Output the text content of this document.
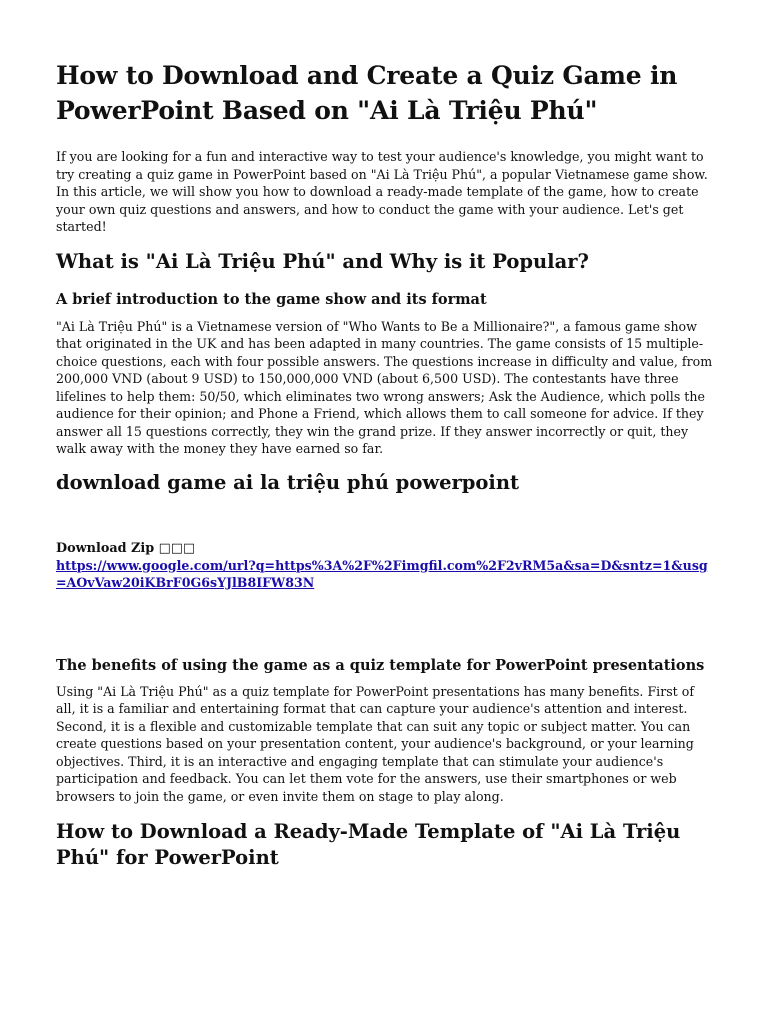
How to Download and Create a Quiz Game in PowerPoint Based on "Ai Là Triệu Phú"

If you are looking for a fun and interactive way to test your audience's knowledge, you might want to try creating a quiz game in PowerPoint based on "Ai Là Triệu Phú", a popular Vietnamese game show. In this article, we will show you how to download a ready-made template of the game, how to create your own quiz questions and answers, and how to conduct the game with your audience. Let's get started!

What is "Ai Là Triệu Phú" and Why is it Popular?
A brief introduction to the game show and its format

"Ai Là Triệu Phú" is a Vietnamese version of "Who Wants to Be a Millionaire?", a famous game show that originated in the UK and has been adapted in many countries. The game consists of 15 multiple-choice questions, each with four possible answers. The questions increase in difficulty and value, from 200,000 VND (about 9 USD) to 150,000,000 VND (about 6,500 USD). The contestants have three lifelines to help them: 50/50, which eliminates two wrong answers; Ask the Audience, which polls the audience for their opinion; and Phone a Friend, which allows them to call someone for advice. If they answer all 15 questions correctly, they win the grand prize. If they answer incorrectly or quit, they walk away with the money they have earned so far.

download game ai la triệu phú powerpoint
Download Zip □□□
https://www.google.com/url?q=https%3A%2F%2Fimgfil.com%2F2vRM5a&sa=D&sntz=1&usg=AOvVaw20iKBrF0G6sYJlB8IFW83N
The benefits of using the game as a quiz template for PowerPoint presentations

Using "Ai Là Triệu Phú" as a quiz template for PowerPoint presentations has many benefits. First of all, it is a familiar and entertaining format that can capture your audience's attention and interest. Second, it is a flexible and customizable template that can suit any topic or subject matter. You can create questions based on your presentation content, your audience's background, or your learning objectives. Third, it is an interactive and engaging template that can stimulate your audience's participation and feedback. You can let them vote for the answers, use their smartphones or web browsers to join the game, or even invite them on stage to play along.

How to Download a Ready-Made Template of "Ai Là Triệu Phú" for PowerPoint
